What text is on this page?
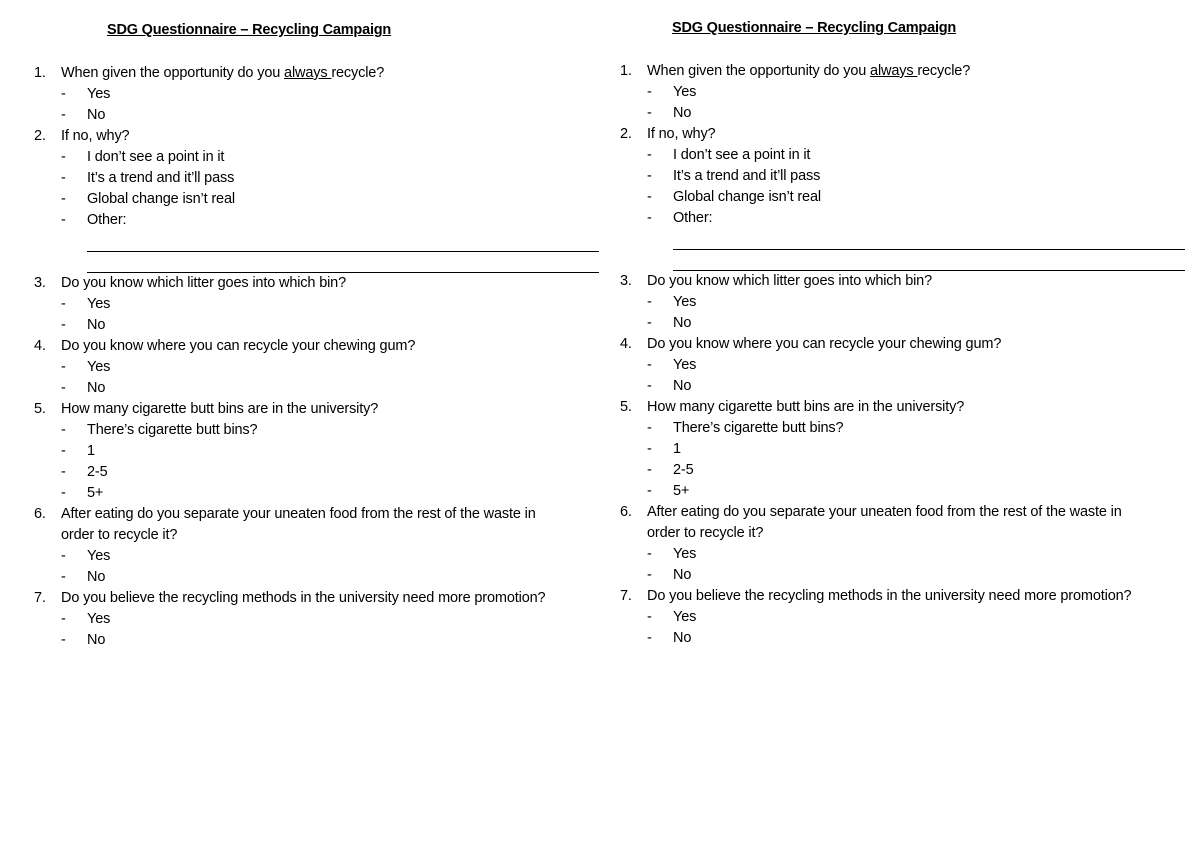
SDG Questionnaire – Recycling Campaign
1.	When given the opportunity do you always recycle?
- Yes
- No
2.	If no, why?
- I don’t see a point in it
- It’s a trend and it’ll pass
- Global change isn’t real
- Other:
3.	Do you know which litter goes into which bin?
- Yes
- No
4.	Do you know where you can recycle your chewing gum?
- Yes
- No
5.	How many cigarette butt bins are in the university?
- There’s cigarette butt bins?
- 1
- 2-5
- 5+
6.	After eating do you separate your uneaten food from the rest of the waste in
order to recycle it?
- Yes
- No
7.	Do you believe the recycling methods in the university need more promotion?
- Yes
- No
SDG Questionnaire – Recycling Campaign
1.	When given the opportunity do you always recycle?
- Yes
- No
2.	If no, why?
- I don’t see a point in it
- It’s a trend and it’ll pass
- Global change isn’t real
- Other:
3.	Do you know which litter goes into which bin?
- Yes
- No
4.	Do you know where you can recycle your chewing gum?
- Yes
- No
5.	How many cigarette butt bins are in the university?
- There’s cigarette butt bins?
- 1
- 2-5
- 5+
6.	After eating do you separate your uneaten food from the rest of the waste in
order to recycle it?
- Yes
- No
7.	Do you believe the recycling methods in the university need more promotion?
- Yes
- No
